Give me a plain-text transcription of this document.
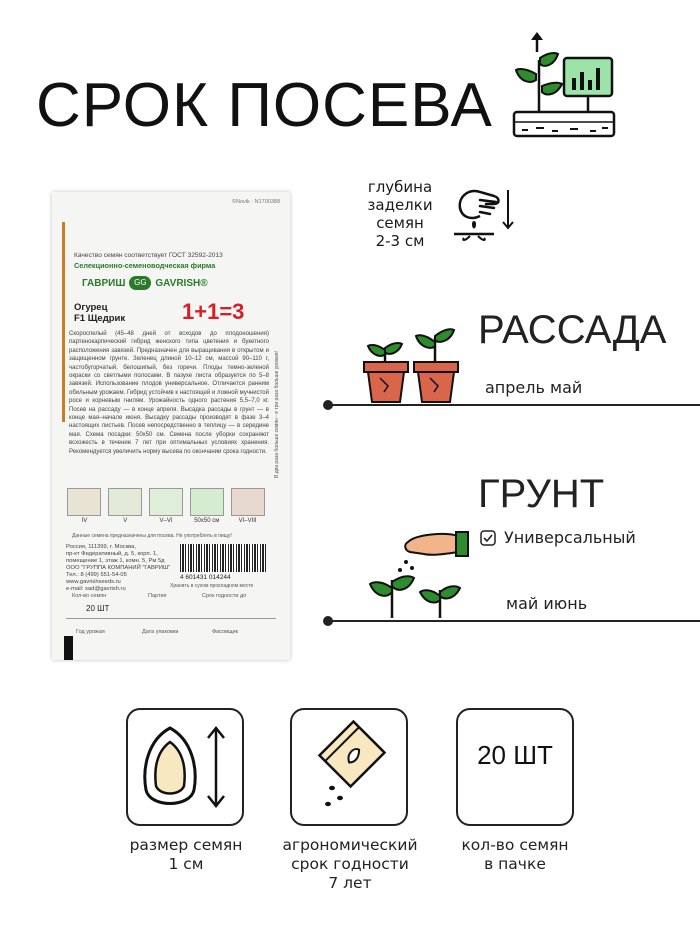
СРОК ПОСЕВА
©Novik · N1700388
Качество семян соответствует ГОСТ 32592-2013
Селекционно-семеноводческая фирма
ГАВРИШ	GG GAVRISH®
Огурец
F1 Щедрик	1+1=3
Скороспелый (45–48 дней от всходов до плодоношения) партенокарпический гибрид женского типа цветения и букетного расположения завязей. Предназначен для выращивания в открытом и защищенном грунте. Зеленец длиной 10–12 см, массой 90–110 г, частобугорчатый, белошипый, без горечи. Плоды темно-зеленой окраски со светлыми полосами. В пазухе листа образуется по 5–8 завязей. Использование плодов универсальное. Отличается ранним обильным урожаем. Гибрид устойчив к настоящей и ложной мучнистой росе и корневым гнилям. Урожайность одного растения 5,5–7,0 кг. Посев на рассаду — в конце апреля. Высадка рассады в грунт — в конце мая–начале июня. Высадку рассады производят в фазе 3–4 настоящих листьев. Посев непосредственно в теплицу — в середине мая. Схема посадки: 50х50 см. Семена после уборки сохраняют всхожесть в течение 7 лет при оптимальных условиях хранения. Рекомендуется увеличить норму высева по окончании срока годности.	В два раза больше семян - в три раза больше урожая!
IV	V	V–VI	50x50 см	VI–VIII
Данные семена предназначены для посева. Не употреблять в пищу!
Россия, 111399, г. Москва,
пр-кт Федеративный, д. 5, корп. 1,
помещение 1, этаж 1, комн. 5, Рм 5д
ООО "ГРУППА КОМПАНИЙ "ГАВРИШ"
Тел.: 8 (499) 551-54-05
www.gavrishseeds.ru
e-mail: sad@gavrish.ru
4 601431 014244
Хранить в сухом прохладном месте
Кол-во семян	Партия	Срок годности до
20 ШТ
Год урожая	Дата упаковки	Фасовщик
глубина
заделки
семян
2-3 см
РАССАДА
апрель май
ГРУНТ
Универсальный
май июнь
размер семян
1 см
агрономический
срок годности
7 лет
20 ШТ
кол-во семян
в пачке
